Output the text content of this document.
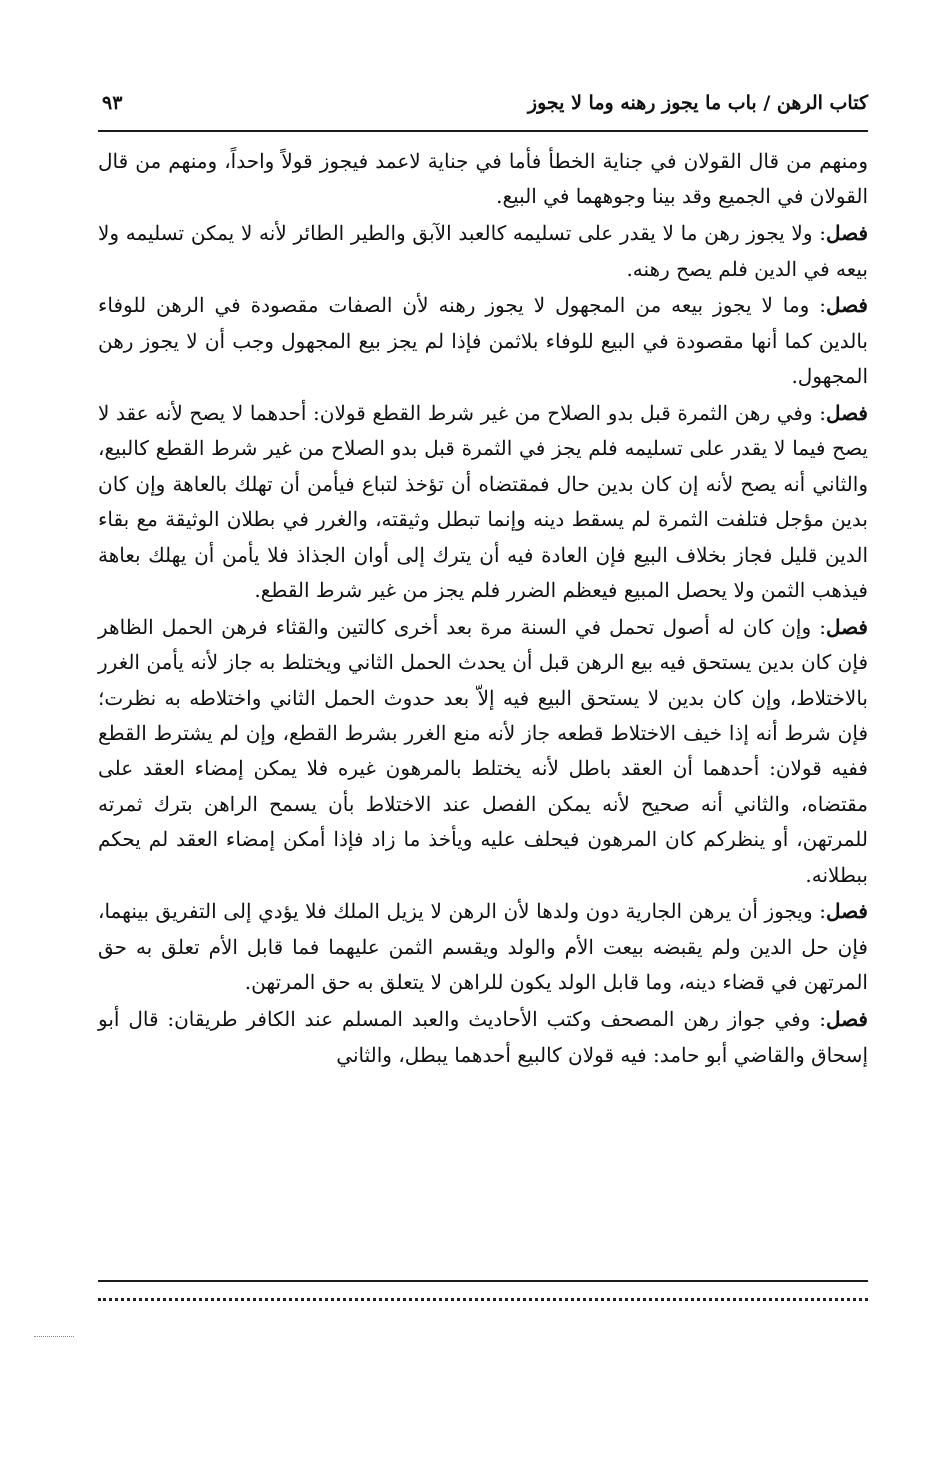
كتاب الرهن / باب ما يجوز رهنه وما لا يجوز
٩٣

ومنهم من قال القولان في جناية الخطأ فأما في جناية لاعمد فيجوز قولاً واحداً، ومنهم من قال القولان في الجميع وقد بينا وجوههما في البيع.

فصل: ولا يجوز رهن ما لا يقدر على تسليمه كالعبد الآبق والطير الطائر لأنه لا يمكن تسليمه ولا بيعه في الدين فلم يصح رهنه.

فصل: وما لا يجوز بيعه من المجهول لا يجوز رهنه لأن الصفات مقصودة في الرهن للوفاء بالدين كما أنها مقصودة في البيع للوفاء بلاثمن فإذا لم يجز بيع المجهول وجب أن لا يجوز رهن المجهول.

فصل: وفي رهن الثمرة قبل بدو الصلاح من غير شرط القطع قولان: أحدهما لا يصح لأنه عقد لا يصح فيما لا يقدر على تسليمه فلم يجز في الثمرة قبل بدو الصلاح من غير شرط القطع كالبيع، والثاني أنه يصح لأنه إن كان بدين حال فمقتضاه أن تؤخذ لتباع فيأمن أن تهلك بالعاهة وإن كان بدين مؤجل فتلفت الثمرة لم يسقط دينه وإنما تبطل وثيقته، والغرر في بطلان الوثيقة مع بقاء الدين قليل فجاز بخلاف البيع فإن العادة فيه أن يترك إلى أوان الجذاذ فلا يأمن أن يهلك بعاهة فيذهب الثمن ولا يحصل المبيع فيعظم الضرر فلم يجز من غير شرط القطع.

فصل: وإن كان له أصول تحمل في السنة مرة بعد أخرى كالتين والقثاء فرهن الحمل الظاهر فإن كان بدين يستحق فيه بيع الرهن قبل أن يحدث الحمل الثاني ويختلط به جاز لأنه يأمن الغرر بالاختلاط، وإن كان بدين لا يستحق البيع فيه إلاّ بعد حدوث الحمل الثاني واختلاطه به نظرت؛ فإن شرط أنه إذا خيف الاختلاط قطعه جاز لأنه منع الغرر بشرط القطع، وإن لم يشترط القطع ففيه قولان: أحدهما أن العقد باطل لأنه يختلط بالمرهون غيره فلا يمكن إمضاء العقد على مقتضاه، والثاني أنه صحيح لأنه يمكن الفصل عند الاختلاط بأن يسمح الراهن بترك ثمرته للمرتهن، أو ينظركم كان المرهون فيحلف عليه ويأخذ ما زاد فإذا أمكن إمضاء العقد لم يحكم ببطلانه.

فصل: ويجوز أن يرهن الجارية دون ولدها لأن الرهن لا يزيل الملك فلا يؤدي إلى التفريق بينهما، فإن حل الدين ولم يقبضه بيعت الأم والولد ويقسم الثمن عليهما فما قابل الأم تعلق به حق المرتهن في قضاء دينه، وما قابل الولد يكون للراهن لا يتعلق به حق المرتهن.

فصل: وفي جواز رهن المصحف وكتب الأحاديث والعبد المسلم عند الكافر طريقان: قال أبو إسحاق والقاضي أبو حامد: فيه قولان كالبيع أحدهما يبطل، والثاني
